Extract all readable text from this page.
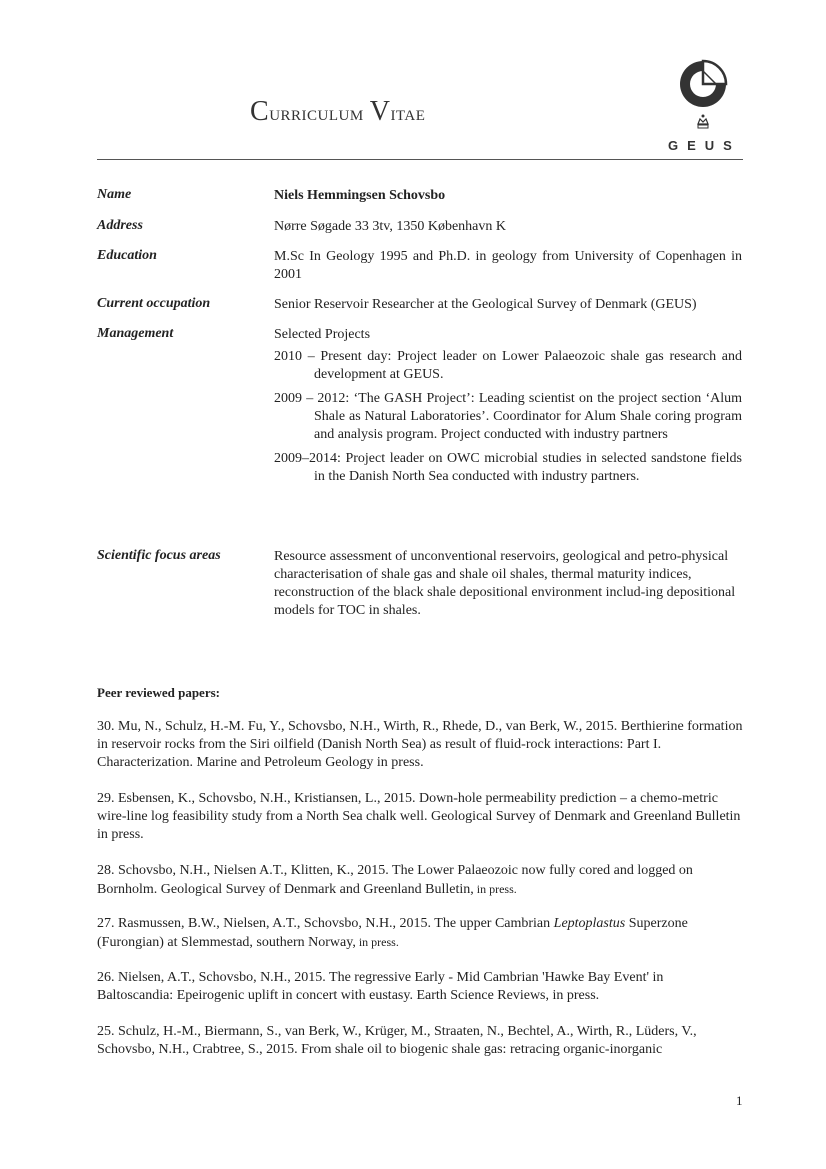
Curriculum Vitae
GEUS
Name	Niels Hemmingsen Schovsbo
Address	Nørre Søgade 33 3tv, 1350 København K
Education	M.Sc In Geology 1995 and Ph.D. in geology from University of Copenhagen in 2001
Current occupation	Senior Reservoir Researcher at the Geological Survey of Denmark (GEUS)
Management	Selected Projects
2010 – Present day: Project leader on Lower Palaeozoic shale gas research and development at GEUS.
2009 – 2012: ‘The GASH Project’: Leading scientist on the project section ‘Alum Shale as Natural Laboratories’. Coordinator for Alum Shale coring program and analysis program. Project conducted with industry partners
2009–2014: Project leader on OWC microbial studies in selected sandstone fields in the Danish North Sea conducted with industry partners.
Scientific focus areas	Resource assessment of unconventional reservoirs, geological and petro-physical characterisation of shale gas and shale oil shales, thermal maturity indices, reconstruction of the black shale depositional environment includ-ing depositional models for TOC in shales.
Peer reviewed papers:
30. Mu, N., Schulz, H.-M. Fu, Y., Schovsbo, N.H., Wirth, R., Rhede, D., van Berk, W., 2015. Berthierine formation in reservoir rocks from the Siri oilfield (Danish North Sea) as result of fluid-rock interactions: Part I. Characterization. Marine and Petroleum Geology in press.
29. Esbensen, K., Schovsbo, N.H., Kristiansen, L., 2015. Down-hole permeability prediction – a chemo-metric wire-line log feasibility study from a North Sea chalk well. Geological Survey of Denmark and Greenland Bulletin in press.
28. Schovsbo, N.H., Nielsen A.T., Klitten, K., 2015. The Lower Palaeozoic now fully cored and logged on Bornholm. Geological Survey of Denmark and Greenland Bulletin, in press.
27. Rasmussen, B.W., Nielsen, A.T., Schovsbo, N.H., 2015. The upper Cambrian Leptoplastus Superzone (Furongian) at Slemmestad, southern Norway, in press.
26. Nielsen, A.T., Schovsbo, N.H., 2015. The regressive Early - Mid Cambrian 'Hawke Bay Event' in Baltoscandia: Epeirogenic uplift in concert with eustasy. Earth Science Reviews, in press.
25. Schulz, H.-M., Biermann, S., van Berk, W., Krüger, M., Straaten, N., Bechtel, A., Wirth, R., Lüders, V., Schovsbo, N.H., Crabtree, S., 2015. From shale oil to biogenic shale gas: retracing organic-inorganic
1
